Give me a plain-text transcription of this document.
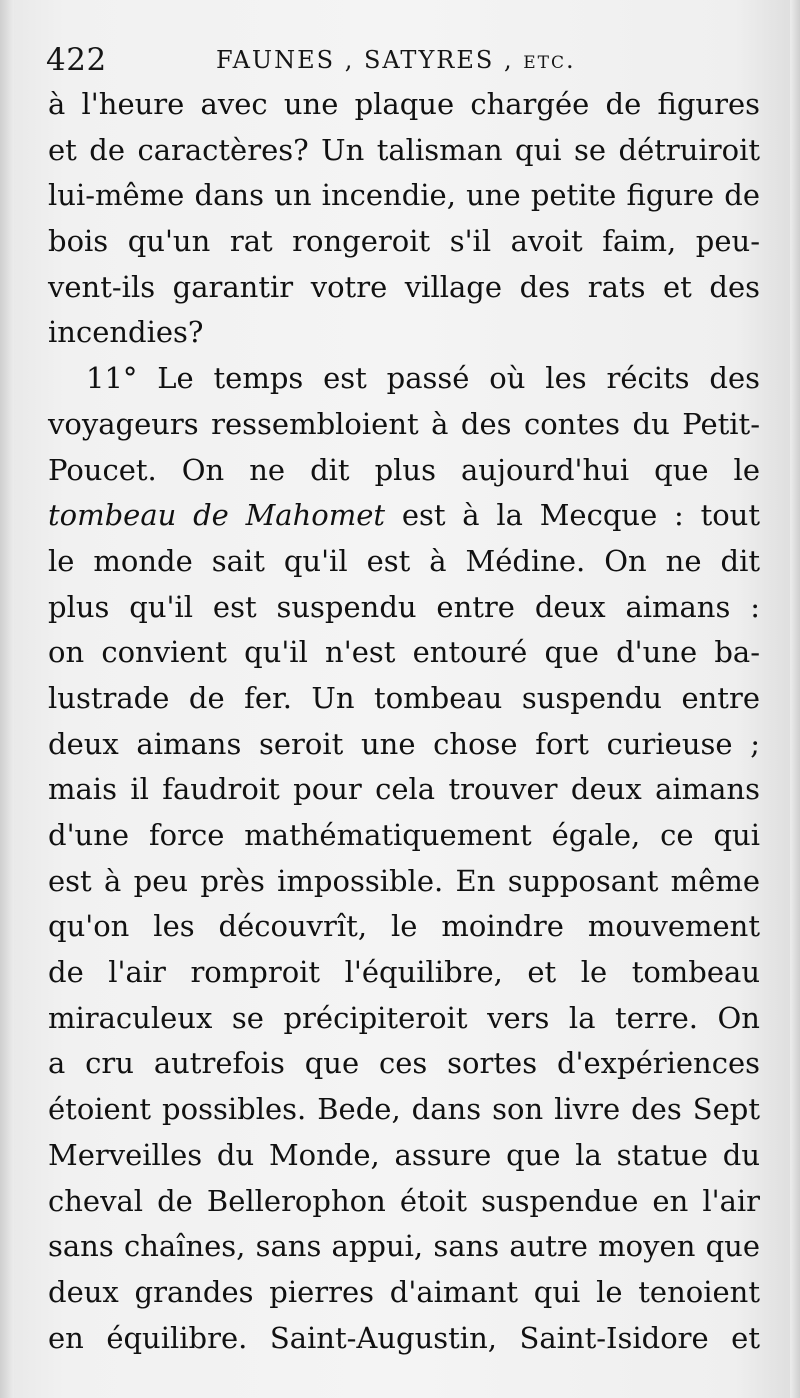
422	FAUNES , SATYRES , etc.
à l'heure avec une plaque chargée de figures
et de caractères? Un talisman qui se détruiroit
lui-même dans un incendie, une petite figure de
bois qu'un rat rongeroit s'il avoit faim, peu-
vent-ils garantir votre village des rats et des
incendies?
11° Le temps est passé où les récits des
voyageurs ressembloient à des contes du Petit-
Poucet. On ne dit plus aujourd'hui que le
tombeau de Mahomet est à la Mecque : tout
le monde sait qu'il est à Médine. On ne dit
plus qu'il est suspendu entre deux aimans :
on convient qu'il n'est entouré que d'une ba-
lustrade de fer. Un tombeau suspendu entre
deux aimans seroit une chose fort curieuse ;
mais il faudroit pour cela trouver deux aimans
d'une force mathématiquement égale, ce qui
est à peu près impossible. En supposant même
qu'on les découvrît, le moindre mouvement
de l'air romproit l'équilibre, et le tombeau
miraculeux se précipiteroit vers la terre. On
a cru autrefois que ces sortes d'expériences
étoient possibles. Bede, dans son livre des Sept
Merveilles du Monde, assure que la statue du
cheval de Bellerophon étoit suspendue en l'air
sans chaînes, sans appui, sans autre moyen que
deux grandes pierres d'aimant qui le tenoient
en équilibre. Saint-Augustin, Saint-Isidore et
